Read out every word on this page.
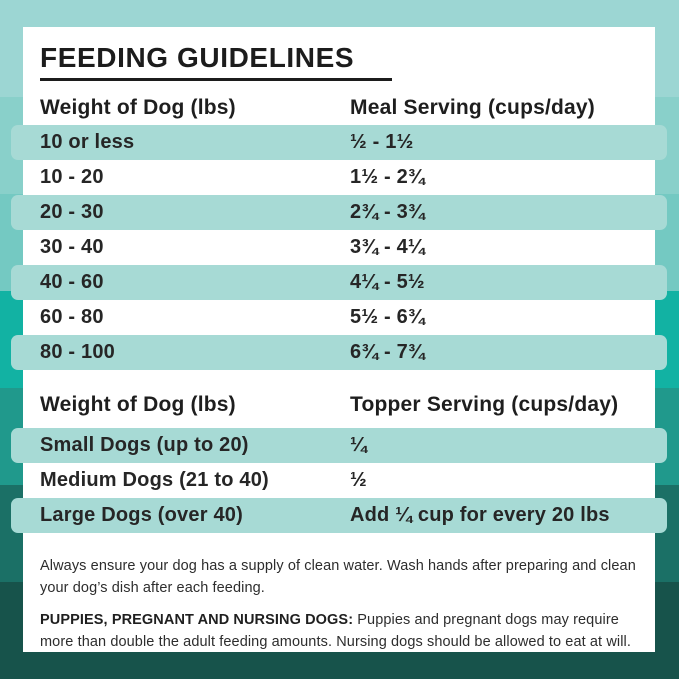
FEEDING GUIDELINES
Weight of Dog (lbs)	Meal Serving (cups/day)
10 or less	½ - 1½
10 - 20	1½ - 2¾
20 - 30	2¾ - 3¾
30 - 40	3¾ - 4¼
40 - 60	4¼ - 5½
60 - 80	5½ - 6¾
80 - 100	6¾ - 7¾
Weight of Dog (lbs)	Topper Serving (cups/day)
Small Dogs (up to 20)	¼
Medium Dogs (21 to 40)	½
Large Dogs (over 40)	Add ¼ cup for every 20 lbs

Always ensure your dog has a supply of clean water. Wash hands after preparing and clean your dog’s dish after each feeding.

PUPPIES, PREGNANT AND NURSING DOGS: Puppies and pregnant dogs may require more than double the adult feeding amounts. Nursing dogs should be allowed to eat at will.
